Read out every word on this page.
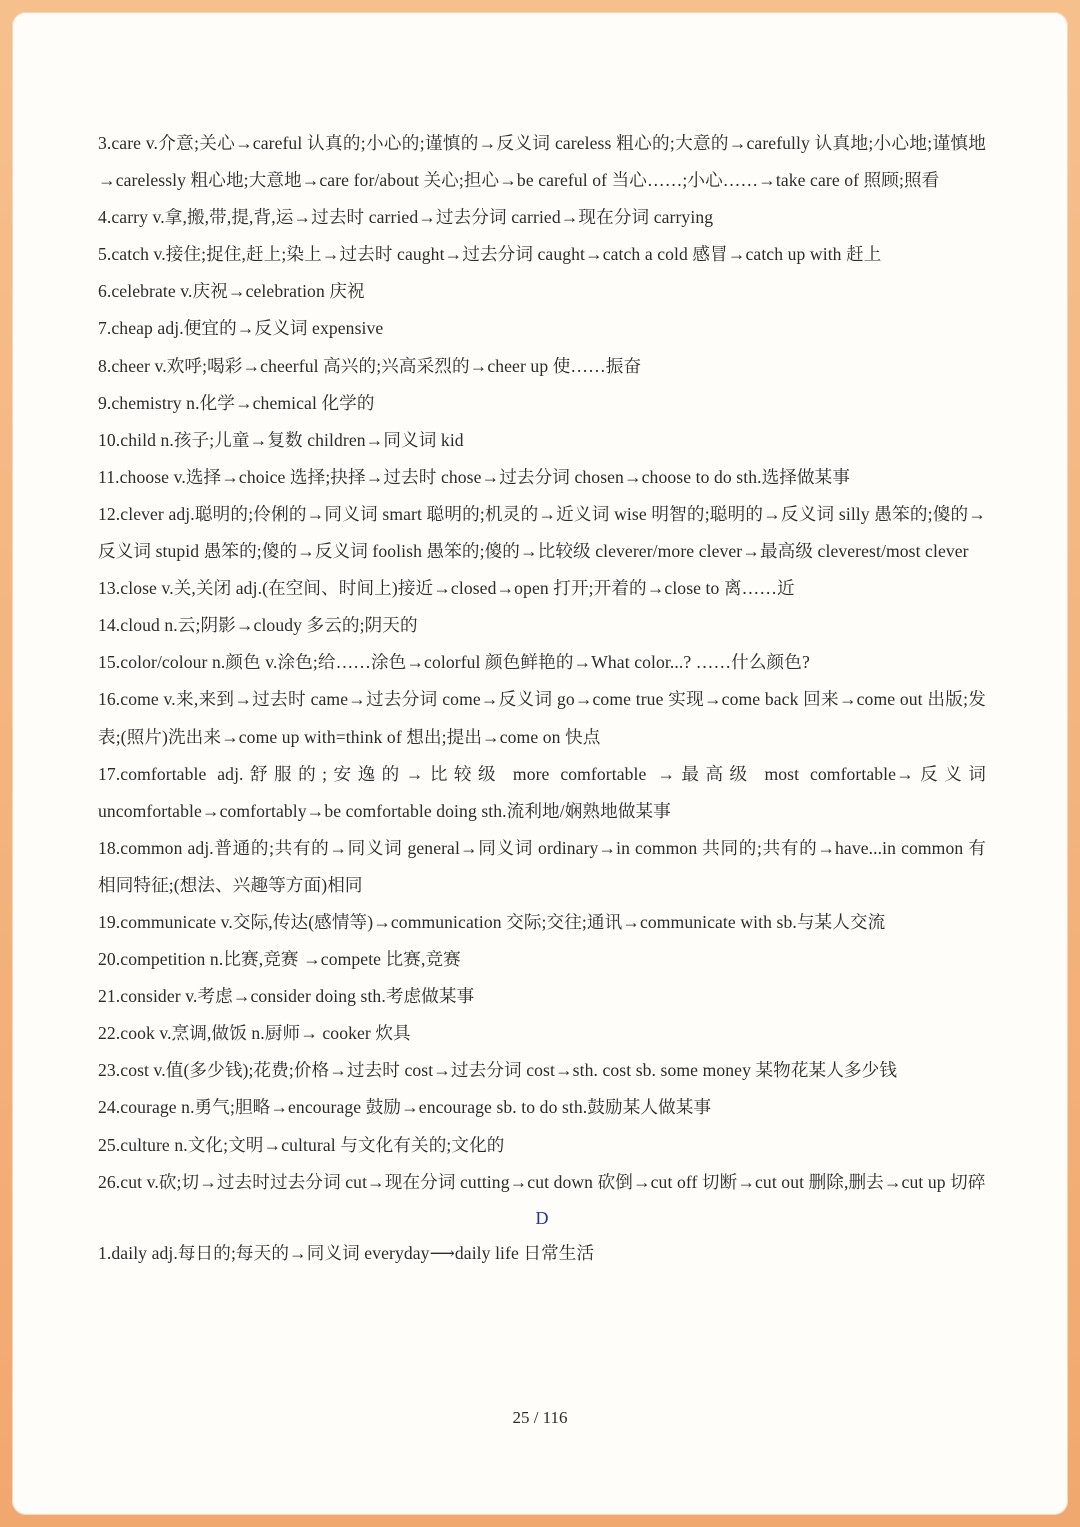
3.care v.介意;关心→careful 认真的;小心的;谨慎的→反义词 careless 粗心的;大意的→carefully 认真地;小心地;谨慎地→carelessly 粗心地;大意地→care for/about 关心;担心→be careful of 当心……;小心……→take care of 照顾;照看

4.carry v.拿,搬,带,提,背,运→过去时 carried→过去分词 carried→现在分词 carrying

5.catch v.接住;捉住,赶上;染上→过去时 caught→过去分词 caught→catch a cold 感冒→catch up with 赶上

6.celebrate v.庆祝→celebration 庆祝

7.cheap adj.便宜的→反义词 expensive

8.cheer v.欢呼;喝彩→cheerful 高兴的;兴高采烈的→cheer up 使……振奋

9.chemistry n.化学→chemical 化学的

10.child n.孩子;儿童→复数 children→同义词 kid

11.choose v.选择→choice 选择;抉择→过去时 chose→过去分词 chosen→choose to do sth.选择做某事

12.clever adj.聪明的;伶俐的→同义词 smart 聪明的;机灵的→近义词 wise 明智的;聪明的→反义词 silly 愚笨的;傻的→反义词 stupid 愚笨的;傻的→反义词 foolish 愚笨的;傻的→比较级 cleverer/more clever→最高级 cleverest/most clever

13.close v.关,关闭 adj.(在空间、时间上)接近→closed→open 打开;开着的→close to 离……近

14.cloud n.云;阴影→cloudy 多云的;阴天的

15.color/colour n.颜色 v.涂色;给……涂色→colorful 颜色鲜艳的→What color...? ……什么颜色?

16.come v.来,来到→过去时 came→过去分词 come→反义词 go→come true 实现→come back 回来→come out 出版;发表;(照片)洗出来→come up with=think of 想出;提出→come on 快点

17.comfortable adj.舒服的;安逸的→比较级 more comfortable →最高级 most comfortable→反义词 uncomfortable→comfortably→be comfortable doing sth.流利地/娴熟地做某事

18.common adj.普通的;共有的→同义词 general→同义词 ordinary→in common 共同的;共有的→have...in common 有相同特征;(想法、兴趣等方面)相同

19.communicate v.交际,传达(感情等)→communication 交际;交往;通讯→communicate with sb.与某人交流

20.competition n.比赛,竞赛 →compete 比赛,竞赛

21.consider v.考虑→consider doing sth.考虑做某事

22.cook v.烹调,做饭 n.厨师→ cooker 炊具

23.cost v.值(多少钱);花费;价格→过去时 cost→过去分词 cost→sth. cost sb. some money 某物花某人多少钱

24.courage n.勇气;胆略→encourage 鼓励→encourage sb. to do sth.鼓励某人做某事

25.culture n.文化;文明→cultural 与文化有关的;文化的

26.cut v.砍;切→过去时过去分词 cut→现在分词 cutting→cut down 砍倒→cut off 切断→cut out 删除,删去→cut up 切碎

D

1.daily adj.每日的;每天的→同义词 everyday⟶daily life 日常生活

25 / 116
